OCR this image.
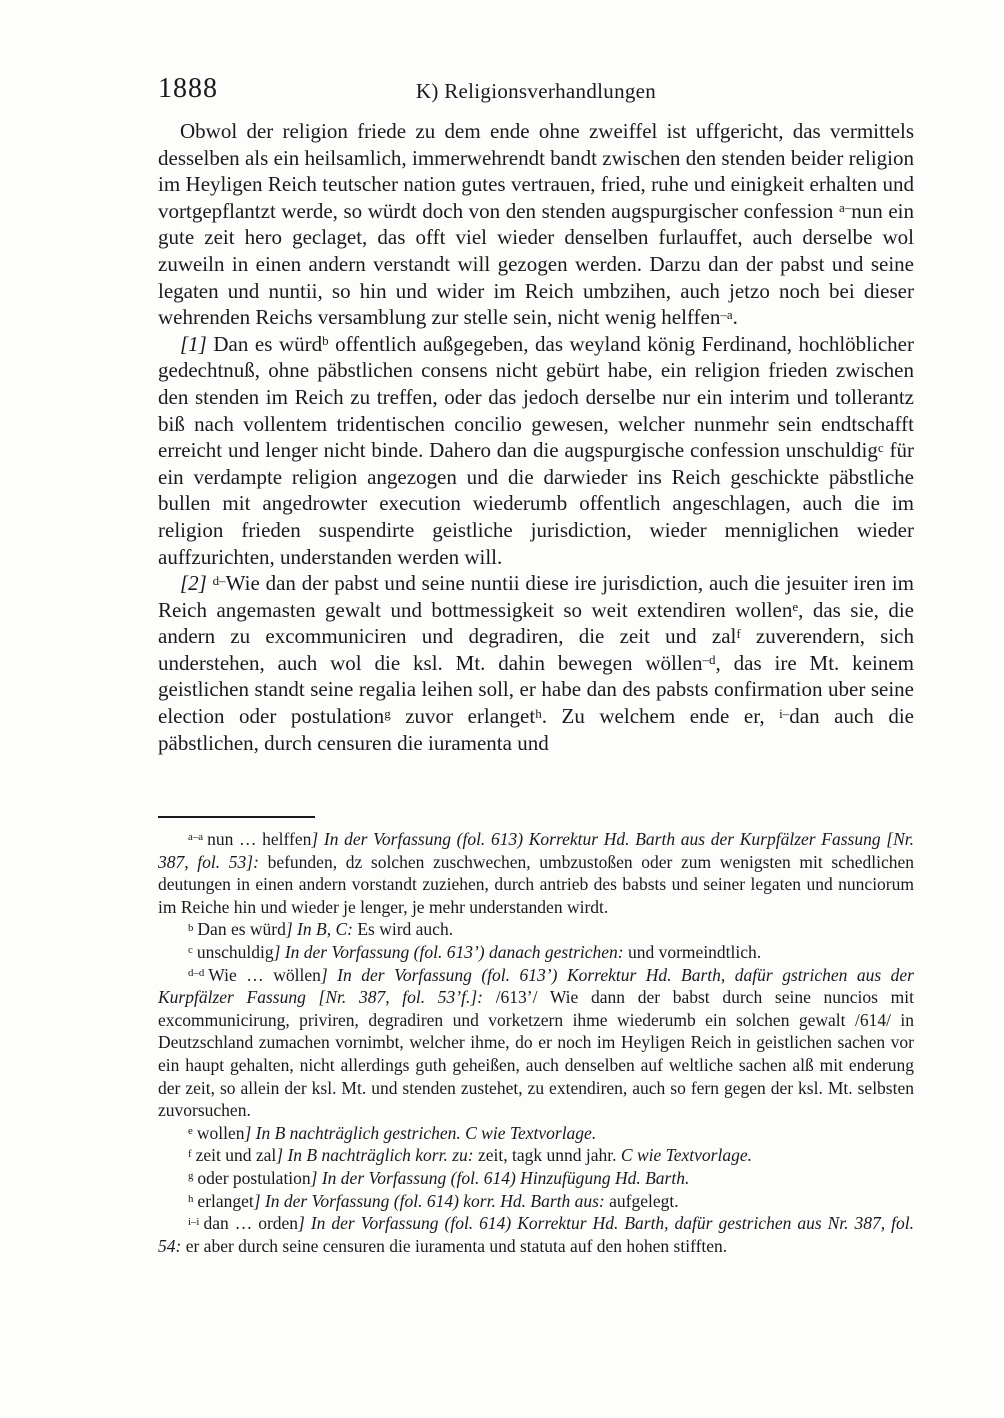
1888	K) Religionsverhandlungen

Obwol der religion friede zu dem ende ohne zweiffel ist uffgericht, das vermittels desselben als ein heilsamlich, immerwehrendt bandt zwischen den stenden beider religion im Heyligen Reich teutscher nation gutes vertrauen, fried, ruhe und einigkeit erhalten und vortgepflantzt werde, so würdt doch von den stenden augspurgischer confession $^{a-}$nun ein gute zeit hero geclaget, das offt viel wieder denselben furlauffet, auch derselbe wol zuweiln in einen andern verstandt will gezogen werden. Darzu dan der pabst und seine legaten und nuntii, so hin und wider im Reich umbzihen, auch jetzo noch bei dieser wehrenden Reichs versamblung zur stelle sein, nicht wenig helffen$^{-a}$.

[1] Dan es würd$^b$ offentlich außgegeben, das weyland könig Ferdinand, hochlöblicher gedechtnuß, ohne päbstlichen consens nicht gebürt habe, ein religion frieden zwischen den stenden im Reich zu treffen, oder das jedoch derselbe nur ein interim und tollerantz biß nach vollentem tridentischen concilio gewesen, welcher nunmehr sein endtschafft erreicht und lenger nicht binde. Dahero dan die augspurgische confession unschuldig$^c$ für ein verdampte religion angezogen und die darwieder ins Reich geschickte päbstliche bullen mit angedrowter execution wiederumb offentlich angeschlagen, auch die im religion frieden suspendirte geistliche jurisdiction, wieder menniglichen wieder auffzurichten, understanden werden will.

[2] $^{d-}$Wie dan der pabst und seine nuntii diese ire jurisdiction, auch die jesuiter iren im Reich angemasten gewalt und bottmessigkeit so weit extendiren wollen$^e$, das sie, die andern zu excommuniciren und degradiren, die zeit und zal$^f$ zuverendern, sich understehen, auch wol die ksl. Mt. dahin bewegen wöllen$^{-d}$, das ire Mt. keinem geistlichen standt seine regalia leihen soll, er habe dan des pabsts confirmation uber seine election oder postulation$^g$ zuvor erlanget$^h$. Zu welchem ende er, $^{i-}$dan auch die päbstlichen, durch censuren die iuramenta und

$^{a-a}$ nun … helffen] In der Vorfassung (fol. 613) Korrektur Hd. Barth aus der Kurpfälzer Fassung [Nr. 387, fol. 53]: befunden, dz solchen zuschwechen, umbzustoßen oder zum wenigsten mit schedlichen deutungen in einen andern vorstandt zuziehen, durch antrieb des babsts und seiner legaten und nunciorum im Reiche hin und wieder je lenger, je mehr understanden wirdt.

$^b$ Dan es würd] In B, C: Es wird auch.

$^c$ unschuldig] In der Vorfassung (fol. 613’) danach gestrichen: und vormeindtlich.

$^{d-d}$ Wie … wöllen] In der Vorfassung (fol. 613’) Korrektur Hd. Barth, dafür gstrichen aus der Kurpfälzer Fassung [Nr. 387, fol. 53’f.]: /613’/ Wie dann der babst durch seine nuncios mit excommunicirung, priviren, degradiren und vorketzern ihme wiederumb ein solchen gewalt /614/ in Deutzschland zumachen vornimbt, welcher ihme, do er noch im Heyligen Reich in geistlichen sachen vor ein haupt gehalten, nicht allerdings guth geheißen, auch denselben auf weltliche sachen alß mit enderung der zeit, so allein der ksl. Mt. und stenden zustehet, zu extendiren, auch so fern gegen der ksl. Mt. selbsten zuvorsuchen.

$^e$ wollen] In B nachträglich gestrichen. C wie Textvorlage.

$^f$ zeit und zal] In B nachträglich korr. zu: zeit, tagk unnd jahr. C wie Textvorlage.

$^g$ oder postulation] In der Vorfassung (fol. 614) Hinzufügung Hd. Barth.

$^h$ erlanget] In der Vorfassung (fol. 614) korr. Hd. Barth aus: aufgelegt.

$^{i-i}$ dan … orden] In der Vorfassung (fol. 614) Korrektur Hd. Barth, dafür gestrichen aus Nr. 387, fol. 54: er aber durch seine censuren die iuramenta und statuta auf den hohen stifften.
